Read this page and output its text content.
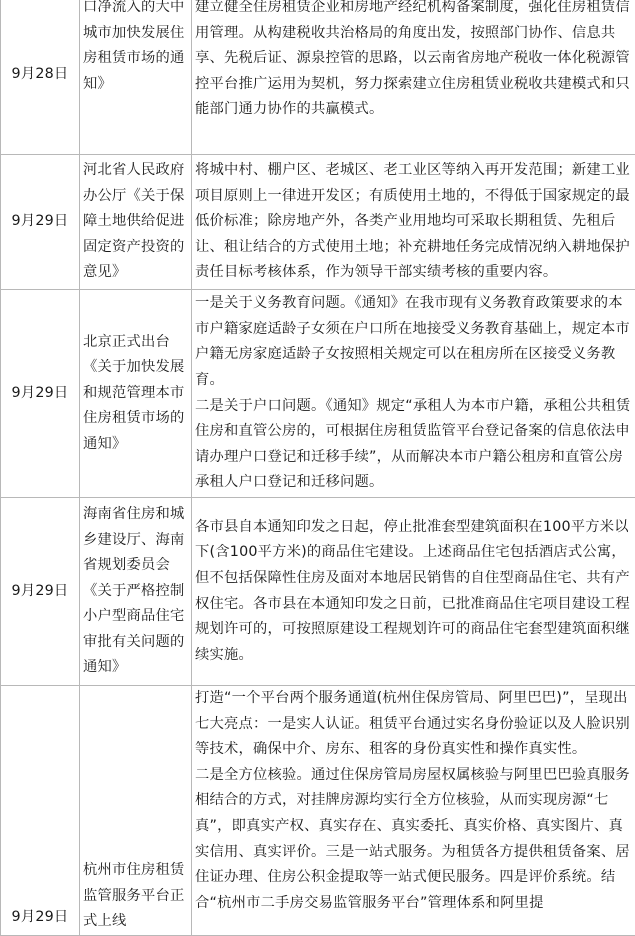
9月28日	口净流入的大中城市加快发展住房租赁市场的通知》	建立健全住房租赁企业和房地产经纪机构备案制度，强化住房租赁信用管理。从构建税收共治格局的角度出发，按照部门协作、信息共享、先税后证、源泉控管的思路，以云南省房地产税收一体化税源管控平台推广运用为契机，努力探索建立住房租赁业税收共建模式和只能部门通力协作的共赢模式。

9月29日	河北省人民政府办公厅《关于保障土地供给促进固定资产投资的意见》	将城中村、棚户区、老城区、老工业区等纳入再开发范围；新建工业项目原则上一律进开发区；有质使用土地的，不得低于国家规定的最低价标准；除房地产外，各类产业用地均可采取长期租赁、先租后让、租让结合的方式使用土地；补充耕地任务完成情况纳入耕地保护责任目标考核体系，作为领导干部实绩考核的重要内容。

9月29日	北京正式出台《关于加快发展和规范管理本市住房租赁市场的通知》	一是关于义务教育问题。《通知》在我市现有义务教育政策要求的本市户籍家庭适龄子女须在户口所在地接受义务教育基础上，规定本市户籍无房家庭适龄子女按照相关规定可以在租房所在区接受义务教育。

二是关于户口问题。《通知》规定“承租人为本市户籍，承租公共租赁住房和直管公房的，可根据住房租赁监管平台登记备案的信息依法申请办理户口登记和迁移手续”，从而解决本市户籍公租房和直管公房承租人户口登记和迁移问题。

9月29日	海南省住房和城乡建设厅、海南省规划委员会《关于严格控制小户型商品住宅审批有关问题的通知》	各市县自本通知印发之日起，停止批准套型建筑面积在100平方米以下(含100平方米)的商品住宅建设。上述商品住宅包括酒店式公寓，但不包括保障性住房及面对本地居民销售的自住型商品住宅、共有产权住宅。各市县在本通知印发之日前，已批准商品住宅项目建设工程规划许可的，可按照原建设工程规划许可的商品住宅套型建筑面积继续实施。

9月29日	杭州市住房租赁监管服务平台正式上线	打造“一个平台两个服务通道(杭州住保房管局、阿里巴巴)”，呈现出七大亮点：一是实人认证。租赁平台通过实名身份验证以及人脸识别等技术，确保中介、房东、租客的身份真实性和操作真实性。

二是全方位核验。通过住保房管局房屋权属核验与阿里巴巴验真服务相结合的方式，对挂牌房源均实行全方位核验，从而实现房源“七真”，即真实产权、真实存在、真实委托、真实价格、真实图片、真实信用、真实评价。三是一站式服务。为租赁各方提供租赁备案、居住证办理、住房公积金提取等一站式便民服务。四是评价系统。结合“杭州市二手房交易监管服务平台”管理体系和阿里提
